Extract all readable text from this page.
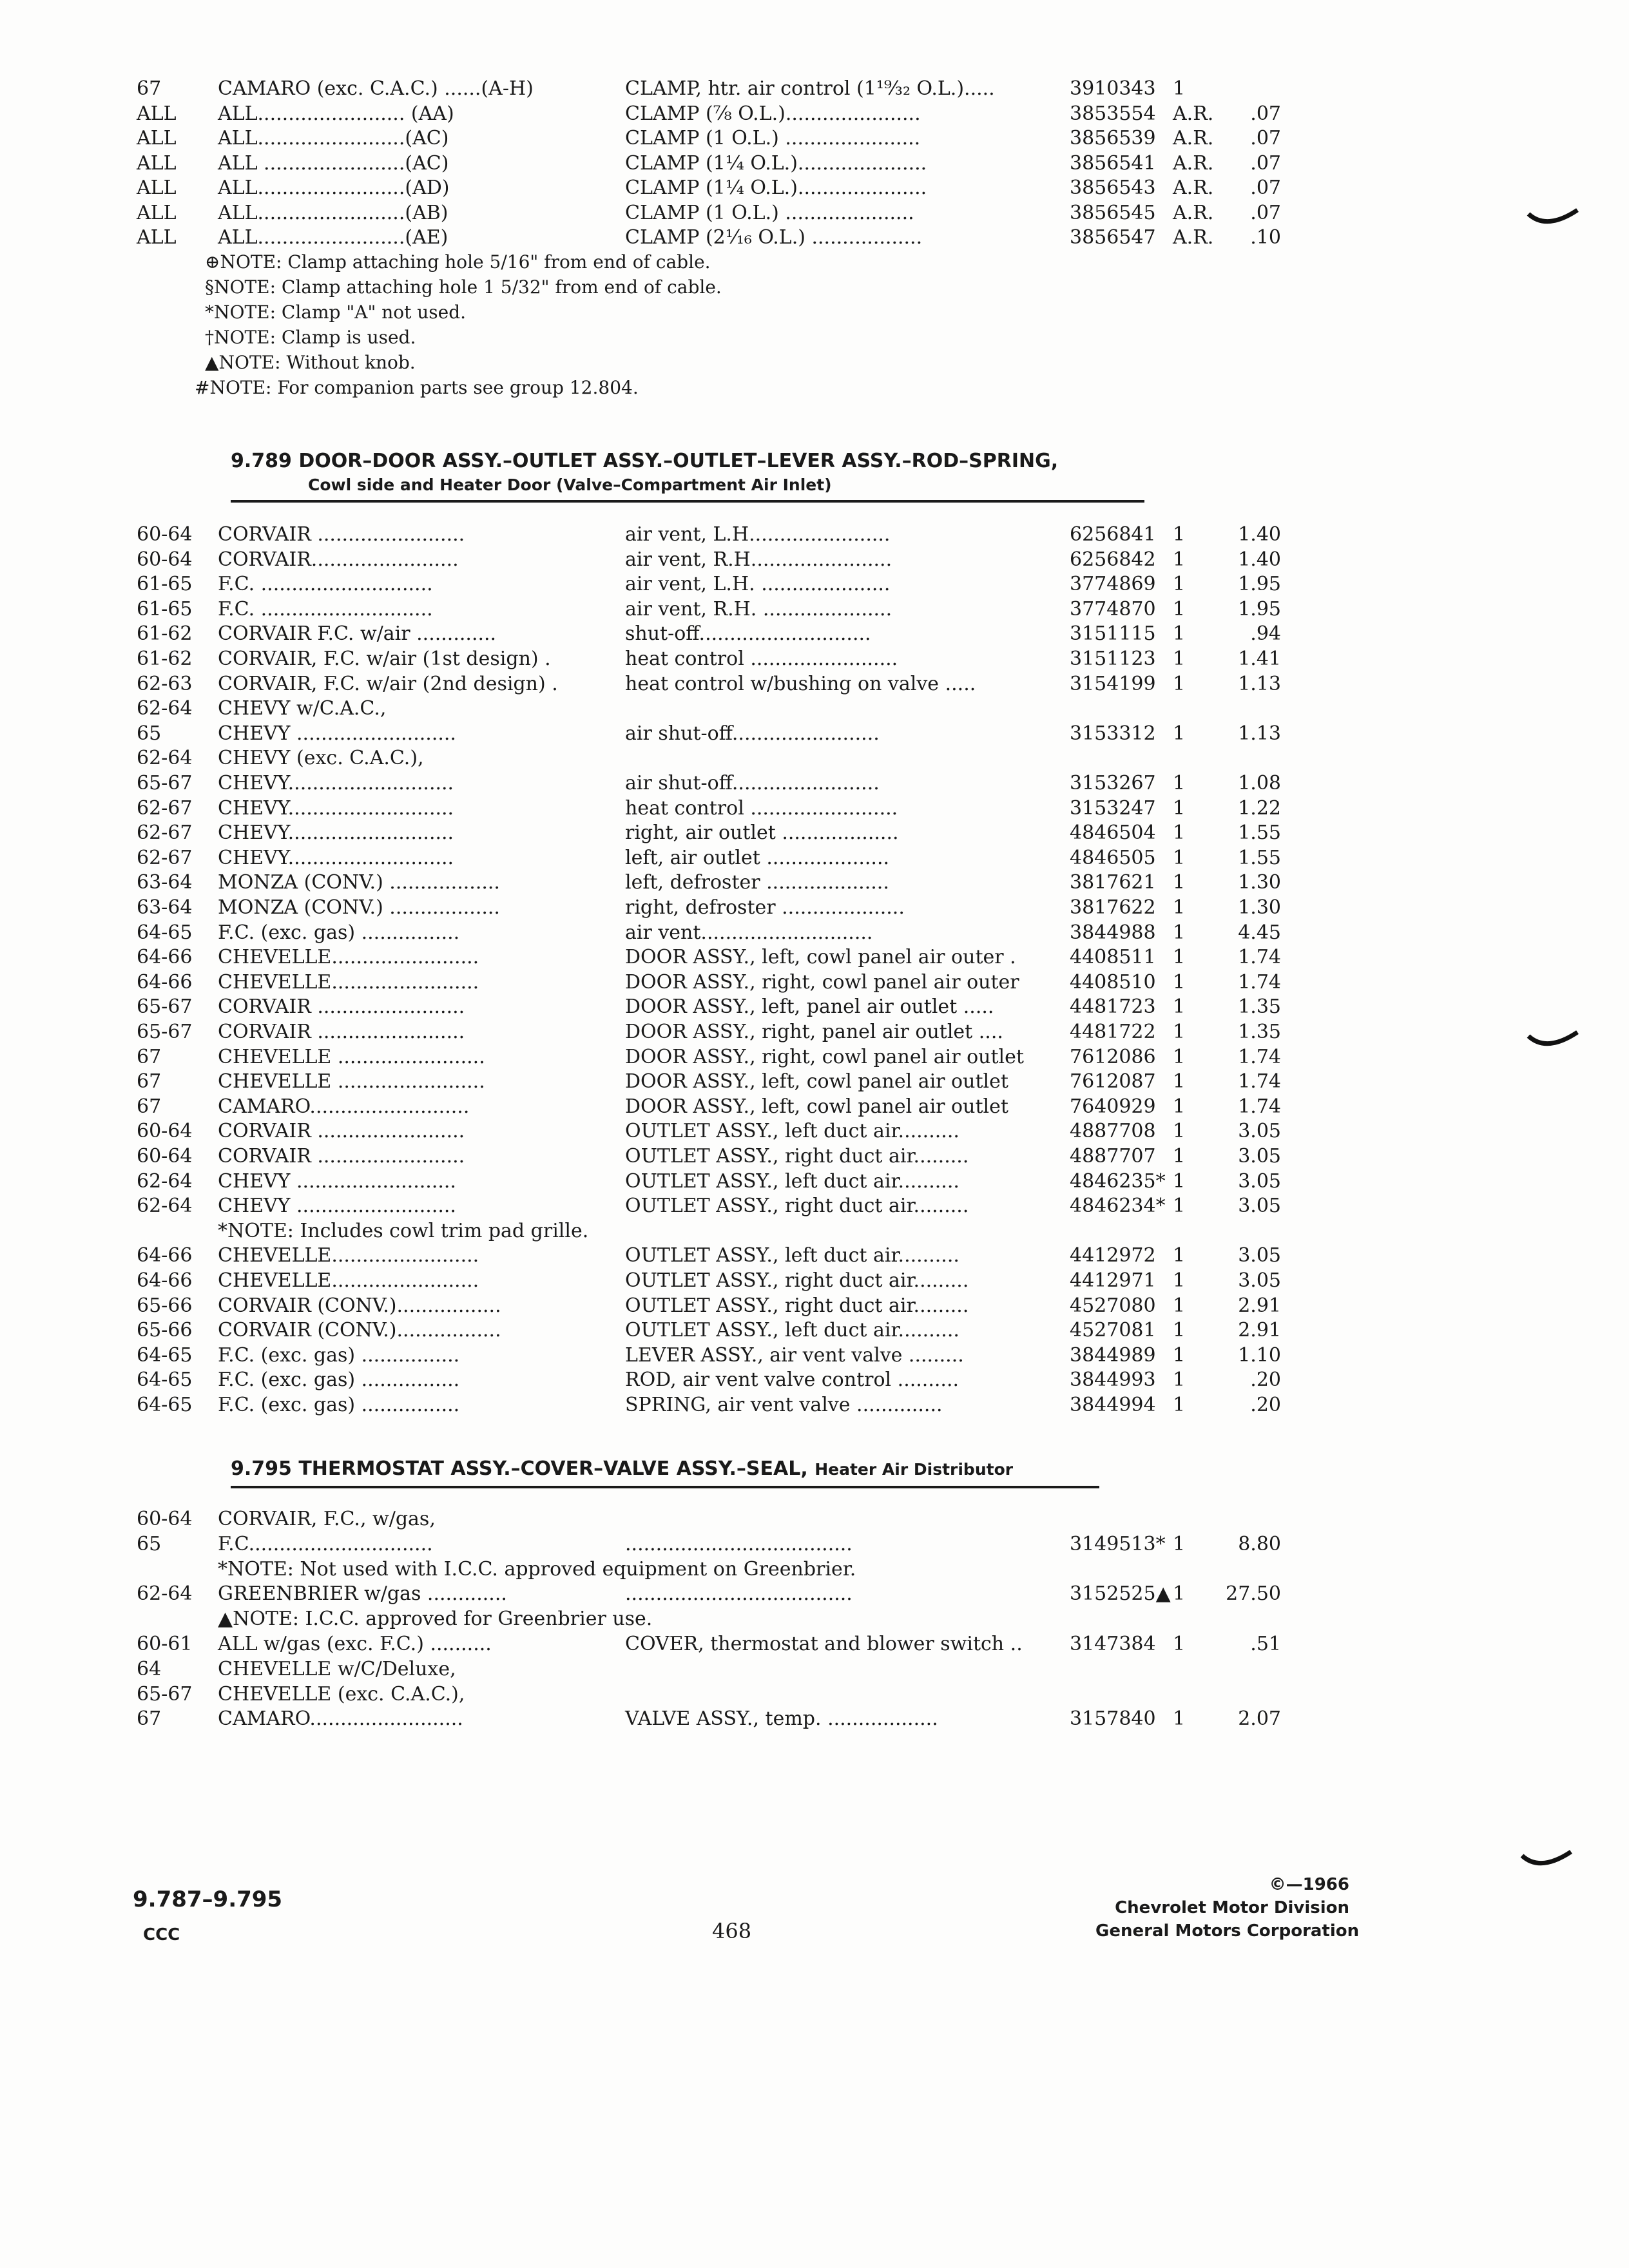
67	CAMARO (exc. C.A.C.) ......(A-H)	CLAMP, htr. air control (1¹⁹⁄₃₂ O.L.).....	3910343 1
ALL ALL........................ (AA)	CLAMP (⅞ O.L.)......................	3853554 A.R.	.07
ALL ALL........................(AC)	CLAMP (1 O.L.) ......................	3856539 A.R.	.07
ALL ALL .......................(AC)	CLAMP (1¼ O.L.).....................	3856541 A.R.	.07
ALL ALL........................(AD)	CLAMP (1¼ O.L.).....................	3856543 A.R.	.07
ALL ALL........................(AB)	CLAMP (1 O.L.) .....................	3856545 A.R.	.07
ALL ALL........................(AE)	CLAMP (2⅟₁₆ O.L.) ..................	3856547 A.R.	.10
⊕NOTE: Clamp attaching hole 5/16" from end of cable.
§NOTE: Clamp attaching hole 1 5/32" from end of cable.
*NOTE: Clamp "A" not used.
†NOTE: Clamp is used.
▲NOTE: Without knob.
#NOTE: For companion parts see group 12.804.
9.789 DOOR–DOOR ASSY.–OUTLET ASSY.–OUTLET–LEVER ASSY.–ROD–SPRING,
Cowl side and Heater Door (Valve–Compartment Air Inlet)
60-64 CORVAIR ........................	air vent, L.H.......................	6256841 1	1.40
60-64 CORVAIR........................	air vent, R.H.......................	6256842 1	1.40
61-65 F.C. ............................	air vent, L.H. .....................	3774869 1	1.95
61-65 F.C. ............................	air vent, R.H. .....................	3774870 1	1.95
61-62 CORVAIR F.C. w/air .............	shut-off............................	3151115 1	.94
61-62 CORVAIR, F.C. w/air (1st design) .	heat control ........................	3151123 1	1.41
62-63 CORVAIR, F.C. w/air (2nd design) .	heat control w/bushing on valve .....	3154199 1	1.13
62-64 CHEVY w/C.A.C.,
65	CHEVY ..........................	air shut-off........................	3153312 1	1.13
62-64 CHEVY (exc. C.A.C.),
65-67 CHEVY...........................	air shut-off........................	3153267 1	1.08
62-67 CHEVY...........................	heat control ........................	3153247 1	1.22
62-67 CHEVY...........................	right, air outlet ...................	4846504 1	1.55
62-67 CHEVY...........................	left, air outlet ....................	4846505 1	1.55
63-64 MONZA (CONV.) ..................	left, defroster ....................	3817621 1	1.30
63-64 MONZA (CONV.) ..................	right, defroster ....................	3817622 1	1.30
64-65 F.C. (exc. gas) ................	air vent............................	3844988 1	4.45
64-66 CHEVELLE........................	DOOR ASSY., left, cowl panel air outer .	4408511 1	1.74
64-66 CHEVELLE........................	DOOR ASSY., right, cowl panel air outer	4408510 1	1.74
65-67 CORVAIR ........................	DOOR ASSY., left, panel air outlet .....	4481723 1	1.35
65-67 CORVAIR ........................	DOOR ASSY., right, panel air outlet ....	4481722 1	1.35
67	CHEVELLE ........................	DOOR ASSY., right, cowl panel air outlet	7612086 1	1.74
67	CHEVELLE ........................	DOOR ASSY., left, cowl panel air outlet	7612087 1	1.74
67	CAMARO..........................	DOOR ASSY., left, cowl panel air outlet	7640929 1	1.74
60-64 CORVAIR ........................	OUTLET ASSY., left duct air..........	4887708 1	3.05
60-64 CORVAIR ........................	OUTLET ASSY., right duct air.........	4887707 1	3.05
62-64 CHEVY ..........................	OUTLET ASSY., left duct air..........	4846235* 1	3.05
62-64 CHEVY ..........................	OUTLET ASSY., right duct air.........	4846234* 1	3.05
*NOTE: Includes cowl trim pad grille.
64-66 CHEVELLE........................	OUTLET ASSY., left duct air..........	4412972 1	3.05
64-66 CHEVELLE........................	OUTLET ASSY., right duct air.........	4412971 1	3.05
65-66 CORVAIR (CONV.).................	OUTLET ASSY., right duct air.........	4527080 1	2.91
65-66 CORVAIR (CONV.).................	OUTLET ASSY., left duct air..........	4527081 1	2.91
64-65 F.C. (exc. gas) ................	LEVER ASSY., air vent valve .........	3844989 1	1.10
64-65 F.C. (exc. gas) ................	ROD, air vent valve control ..........	3844993 1	.20
64-65 F.C. (exc. gas) ................	SPRING, air vent valve ..............	3844994 1	.20
9.795 THERMOSTAT ASSY.–COVER–VALVE ASSY.–SEAL, Heater Air Distributor
60-64 CORVAIR, F.C., w/gas,
65	F.C..............................	.....................................	3149513* 1	8.80
*NOTE: Not used with I.C.C. approved equipment on Greenbrier.
62-64 GREENBRIER w/gas .............	.....................................	3152525▲ 1 27.50
▲NOTE: I.C.C. approved for Greenbrier use.
60-61 ALL w/gas (exc. F.C.) ..........	COVER, thermostat and blower switch ..	3147384 1	.51
64	CHEVELLE w/C/Deluxe,
65-67 CHEVELLE (exc. C.A.C.),
67	CAMARO.........................	VALVE ASSY., temp. ..................	3157840 1	2.07
9.787–9.795
CCC	468
©—1966
Chevrolet Motor Division
General Motors Corporation
